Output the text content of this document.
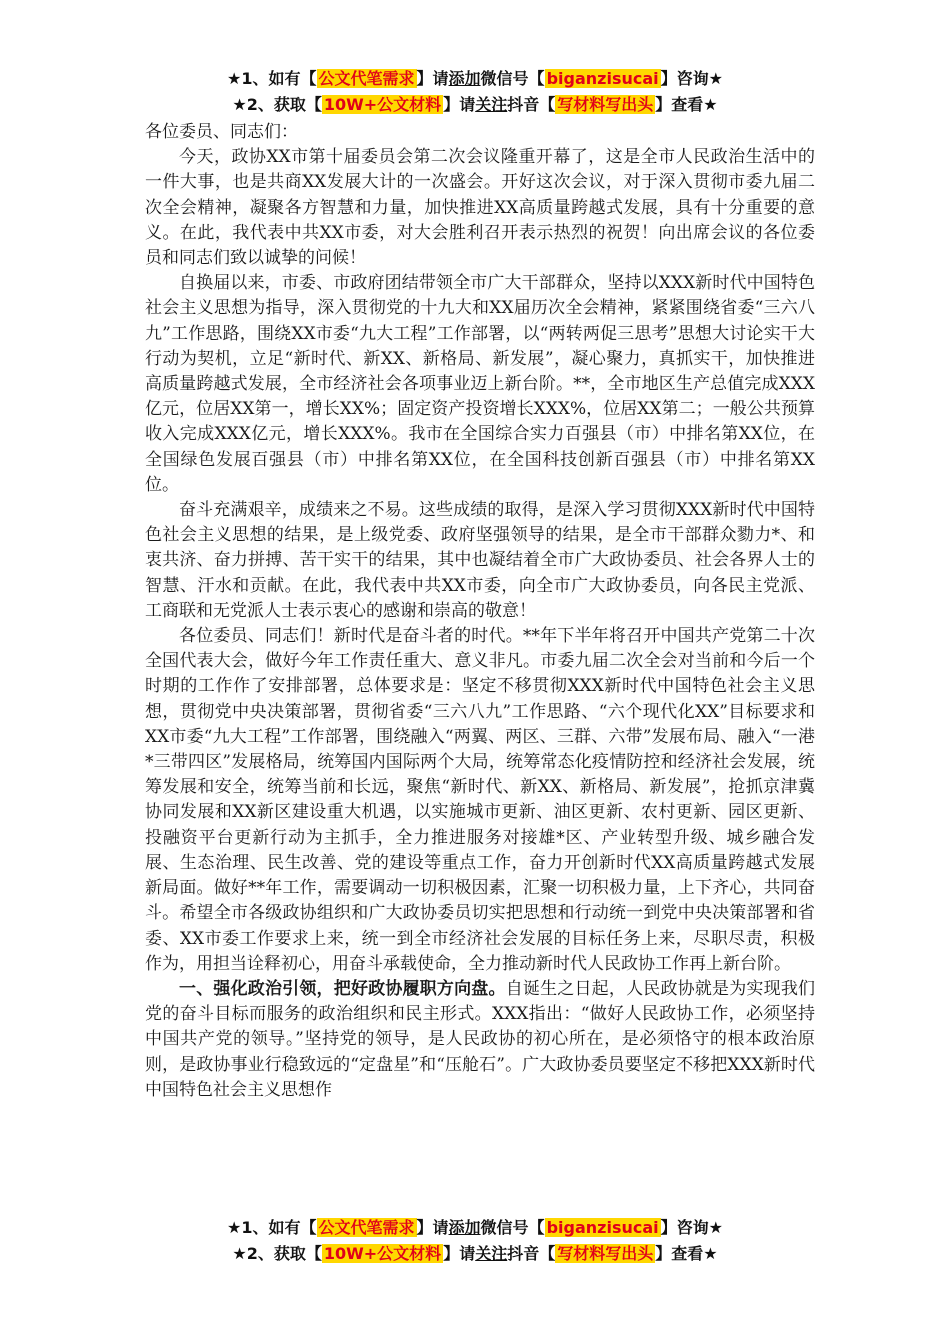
★1、如有【 公文代笔需求 】请添加微信号【 biganzisucai 】咨询★
★2、获取【 10W+公文材料 】请关注抖音【 写材料写出头 】查看★

各位委员、同志们：

今天，政协XX市第十届委员会第二次会议隆重开幕了，这是全市人民政治生活中的一件大事，也是共商XX发展大计的一次盛会。开好这次会议，对于深入贯彻市委九届二次全会精神，凝聚各方智慧和力量，加快推进XX高质量跨越式发展，具有十分重要的意义。在此，我代表中共XX市委，对大会胜利召开表示热烈的祝贺！向出席会议的各位委员和同志们致以诚挚的问候！

自换届以来，市委、市政府团结带领全市广大干部群众，坚持以XXX新时代中国特色社会主义思想为指导，深入贯彻党的十九大和XX届历次全会精神，紧紧围绕省委“三六八九”工作思路，围绕XX市委“九大工程”工作部署，以“两转两促三思考”思想大讨论实干大行动为契机，立足“新时代、新XX、新格局、新发展”，凝心聚力，真抓实干，加快推进高质量跨越式发展，全市经济社会各项事业迈上新台阶。**，全市地区生产总值完成XXX亿元，位居XX第一，增长XX%；固定资产投资增长XXX%，位居XX第二；一般公共预算收入完成XXX亿元，增长XXX%。我市在全国综合实力百强县（市）中排名第XX位，在全国绿色发展百强县（市）中排名第XX位，在全国科技创新百强县（市）中排名第XX位。

奋斗充满艰辛，成绩来之不易。这些成绩的取得，是深入学习贯彻XXX新时代中国特色社会主义思想的结果，是上级党委、政府坚强领导的结果，是全市干部群众勠力*、和衷共济、奋力拼搏、苦干实干的结果，其中也凝结着全市广大政协委员、社会各界人士的智慧、汗水和贡献。在此，我代表中共XX市委，向全市广大政协委员，向各民主党派、工商联和无党派人士表示衷心的感谢和崇高的敬意！

各位委员、同志们！新时代是奋斗者的时代。**年下半年将召开中国共产党第二十次全国代表大会，做好今年工作责任重大、意义非凡。市委九届二次全会对当前和今后一个时期的工作作了安排部署，总体要求是：坚定不移贯彻XXX新时代中国特色社会主义思想，贯彻党中央决策部署，贯彻省委“三六八九”工作思路、“六个现代化XX”目标要求和XX市委“九大工程”工作部署，围绕融入“两翼、两区、三群、六带”发展布局、融入“一港*三带四区”发展格局，统筹国内国际两个大局，统筹常态化疫情防控和经济社会发展，统筹发展和安全，统筹当前和长远，聚焦“新时代、新XX、新格局、新发展”，抢抓京津冀协同发展和XX新区建设重大机遇，以实施城市更新、油区更新、农村更新、园区更新、投融资平台更新行动为主抓手，全力推进服务对接雄*区、产业转型升级、城乡融合发展、生态治理、民生改善、党的建设等重点工作，奋力开创新时代XX高质量跨越式发展新局面。做好**年工作，需要调动一切积极因素，汇聚一切积极力量，上下齐心，共同奋斗。希望全市各级政协组织和广大政协委员切实把思想和行动统一到党中央决策部署和省委、XX市委工作要求上来，统一到全市经济社会发展的目标任务上来，尽职尽责，积极作为，用担当诠释初心，用奋斗承载使命，全力推动新时代人民政协工作再上新台阶。

一、强化政治引领，把好政协履职方向盘。自诞生之日起，人民政协就是为实现我们党的奋斗目标而服务的政治组织和民主形式。XXX指出：“做好人民政协工作，必须坚持中国共产党的领导。”坚持党的领导，是人民政协的初心所在，是必须恪守的根本政治原则，是政协事业行稳致远的“定盘星”和“压舱石”。广大政协委员要坚定不移把XXX新时代中国特色社会主义思想作

★1、如有【 公文代笔需求 】请添加微信号【 biganzisucai 】咨询★
★2、获取【 10W+公文材料 】请关注抖音【 写材料写出头 】查看★
